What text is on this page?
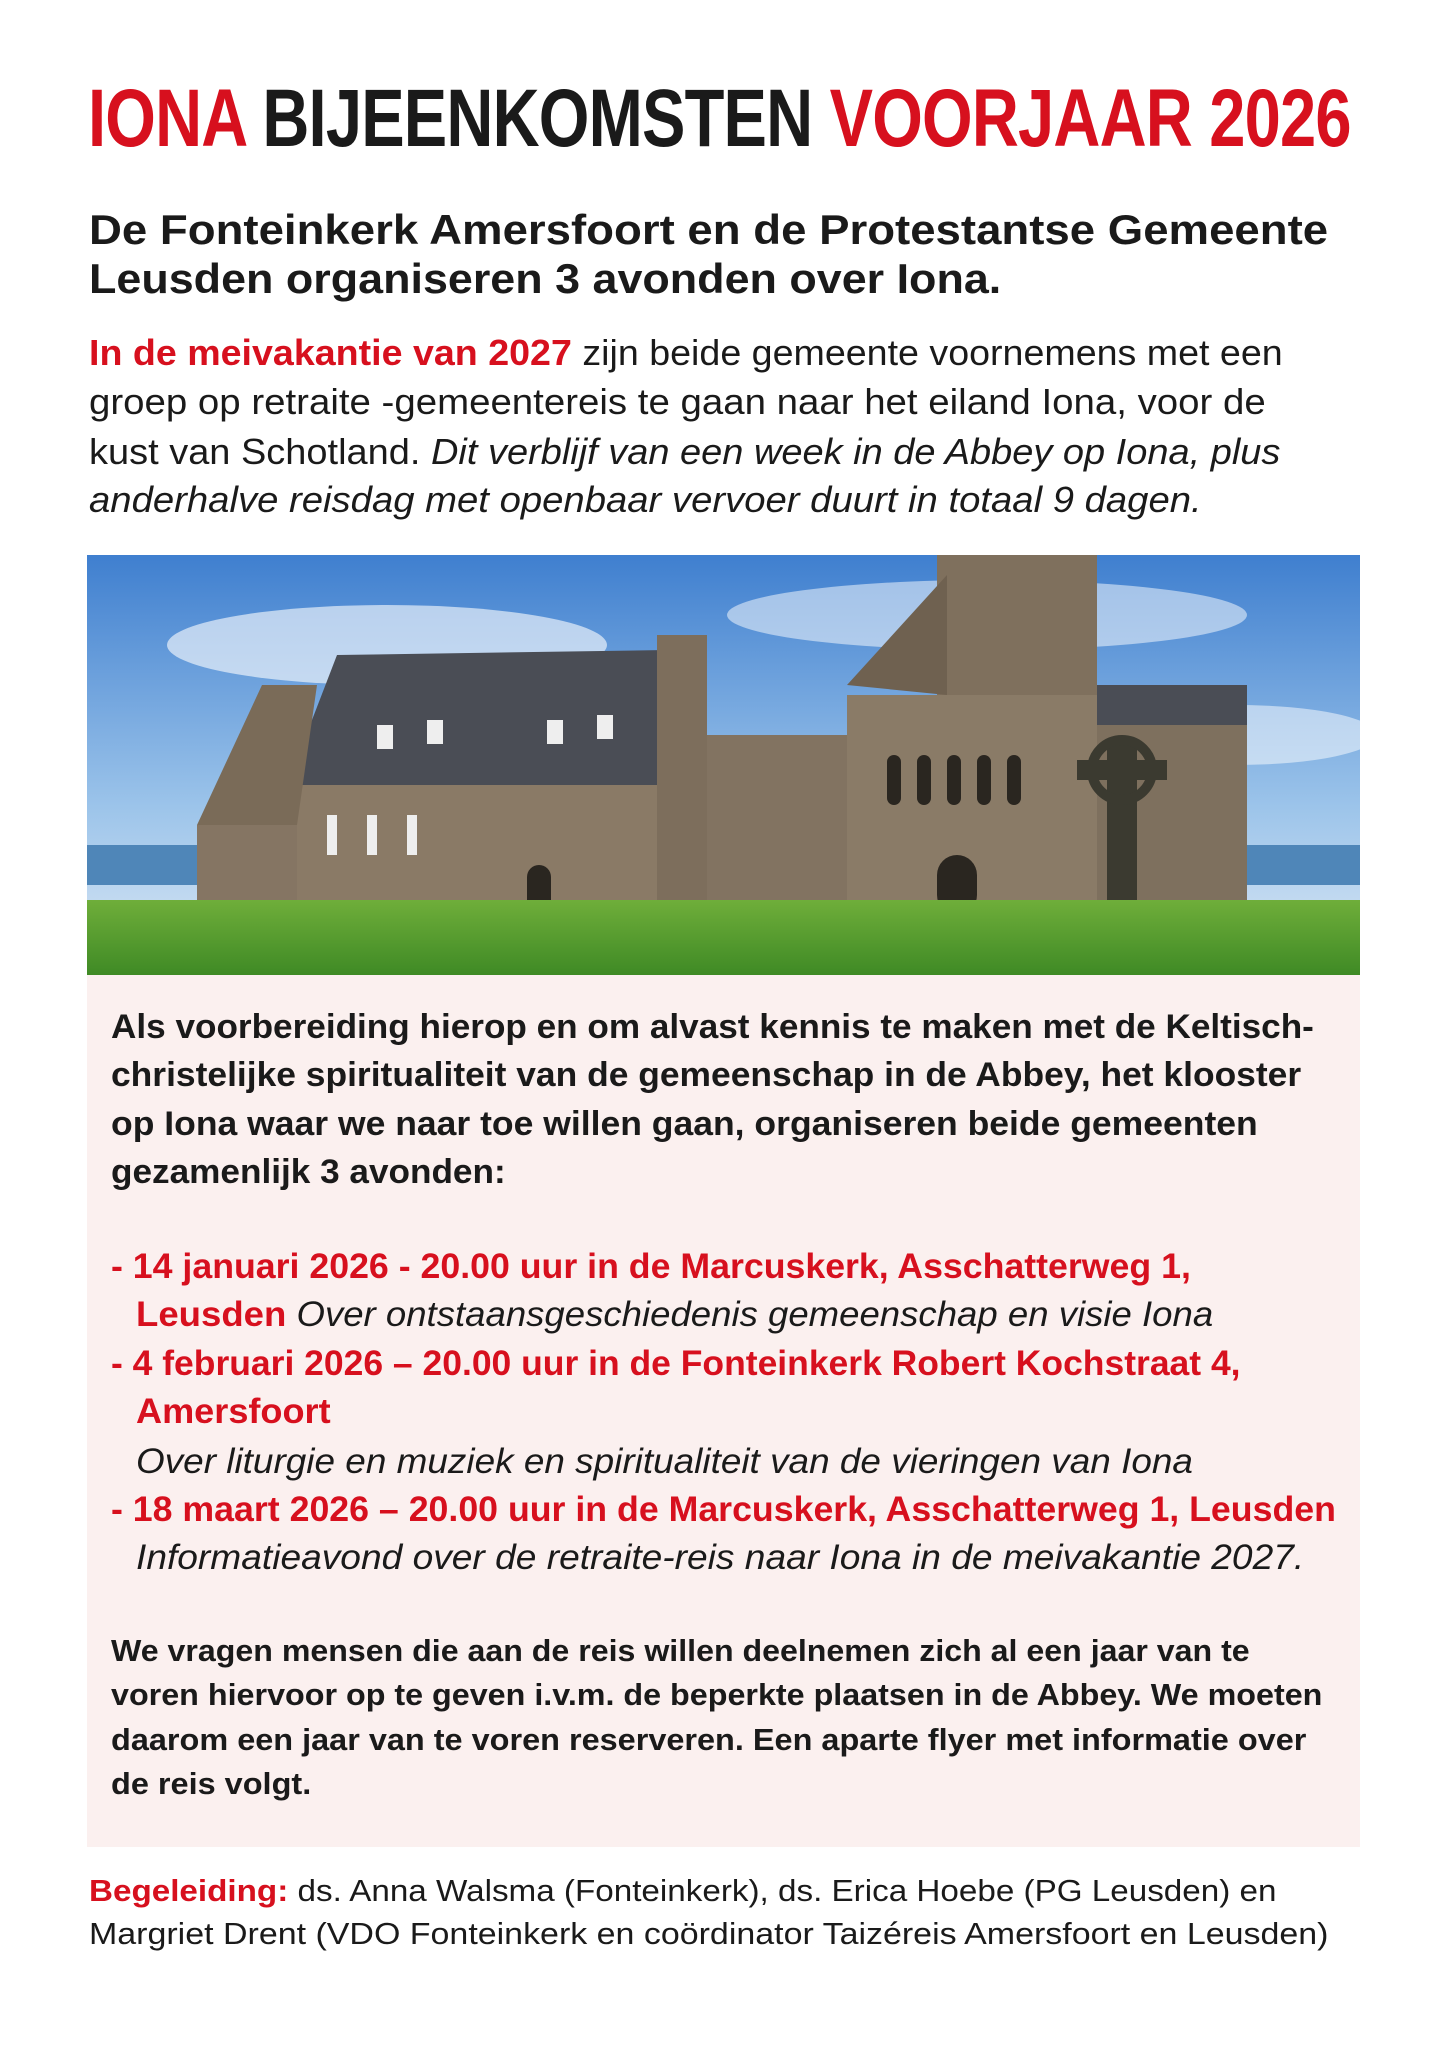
IONA BIJEENKOMSTEN VOORJAAR 2026
De Fonteinkerk Amersfoort en de Protestantse Gemeente
Leusden organiseren 3 avonden over Iona.
In de meivakantie van 2027 zijn beide gemeente voornemens met een
groep op retraite -gemeentereis te gaan naar het eiland Iona, voor de
kust van Schotland. Dit verblijf van een week in de Abbey op Iona, plus
anderhalve reisdag met openbaar vervoer duurt in totaal 9 dagen.
Als voorbereiding hierop en om alvast kennis te maken met de Keltisch-
christelijke spiritualiteit van de gemeenschap in de Abbey, het klooster
op Iona waar we naar toe willen gaan, organiseren beide gemeenten
gezamenlijk 3 avonden:
- 14 januari 2026 - 20.00 uur in de Marcuskerk, Asschatterweg 1,
Leusden Over ontstaansgeschiedenis gemeenschap en visie Iona
- 4 februari 2026 – 20.00 uur in de Fonteinkerk Robert Kochstraat 4,
Amersfoort
Over liturgie en muziek en spiritualiteit van de vieringen van Iona
- 18 maart 2026 – 20.00 uur in de Marcuskerk, Asschatterweg 1, Leusden
Informatieavond over de retraite-reis naar Iona in de meivakantie 2027.
We vragen mensen die aan de reis willen deelnemen zich al een jaar van te
voren hiervoor op te geven i.v.m. de beperkte plaatsen in de Abbey. We moeten
daarom een jaar van te voren reserveren. Een aparte flyer met informatie over
de reis volgt.
Begeleiding: ds. Anna Walsma (Fonteinkerk), ds. Erica Hoebe (PG Leusden) en
Margriet Drent (VDO Fonteinkerk en coördinator Taizéreis Amersfoort en Leusden)
